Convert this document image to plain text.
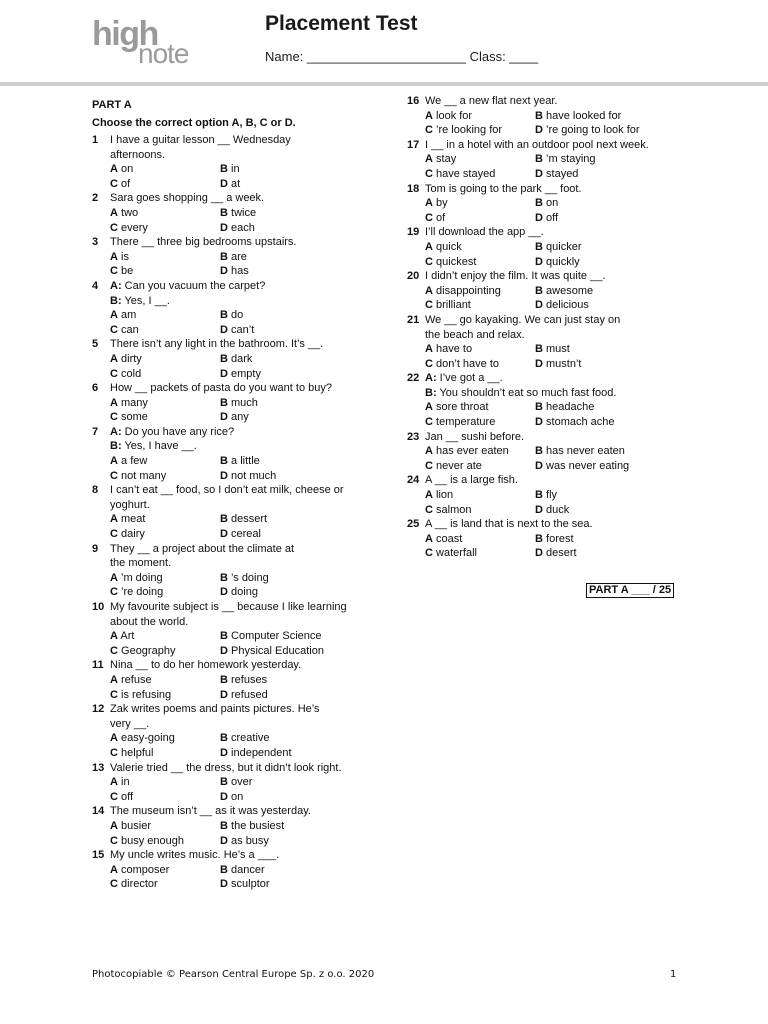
high
note
Placement Test
Name: ______________________ Class: ____
PART A
Choose the correct option A, B, C or D.
1 I have a guitar lesson __ Wednesday
afternoons.
A on	B in
C of	D at
2 Sara goes shopping __ a week.
A two	B twice
C every	D each
3 There __ three big bedrooms upstairs.
A is	B are
C be	D has
4 A: Can you vacuum the carpet?
B: Yes, I __.
A am	B do
C can	D can’t
5 There isn’t any light in the bathroom. It’s __.
A dirty	B dark
C cold	D empty
6 How __ packets of pasta do you want to buy?
A many	B much
C some	D any
7 A: Do you have any rice?
B: Yes, I have __.
A a few	B a little
C not many	D not much
8 I can’t eat __ food, so I don’t eat milk, cheese or
yoghurt.
A meat	B dessert
C dairy	D cereal
9 They __ a project about the climate at
the moment.
A ’m doing	B ’s doing
C ’re doing	D doing
10 My favourite subject is __ because I like learning
about the world.
A Art	B Computer Science
C Geography	D Physical Education
11 Nina __ to do her homework yesterday.
A refuse	B refuses
C is refusing	D refused
12 Zak writes poems and paints pictures. He’s
very __.
A easy-going	B creative
C helpful	D independent
13 Valerie tried __ the dress, but it didn’t look right.
A in	B over
C off	D on
14 The museum isn’t __ as it was yesterday.
A busier	B the busiest
C busy enough	D as busy
15 My uncle writes music. He’s a ___.
A composer	B dancer
C director	D sculptor
16 We __ a new flat next year.
A look for	B have looked for
C ’re looking for	D ’re going to look for
17 I __ in a hotel with an outdoor pool next week.
A stay	B ’m staying
C have stayed	D stayed
18 Tom is going to the park __ foot.
A by	B on
C of	D off
19 I’ll download the app __.
A quick	B quicker
C quickest	D quickly
20 I didn’t enjoy the film. It was quite __.
A disappointing	B awesome
C brilliant	D delicious
21 We __ go kayaking. We can just stay on
the beach and relax.
A have to	B must
C don’t have to	D mustn’t
22 A: I’ve got a __.
B: You shouldn’t eat so much fast food.
A sore throat	B headache
C temperature	D stomach ache
23 Jan __ sushi before.
A has ever eaten	B has never eaten
C never ate	D was never eating
24 A __ is a large fish.
A lion	B fly
C salmon	D duck
25 A __ is land that is next to the sea.
A coast	B forest
C waterfall	D desert
PART A ___ / 25
Photocopiable © Pearson Central Europe Sp. z o.o. 2020	1
